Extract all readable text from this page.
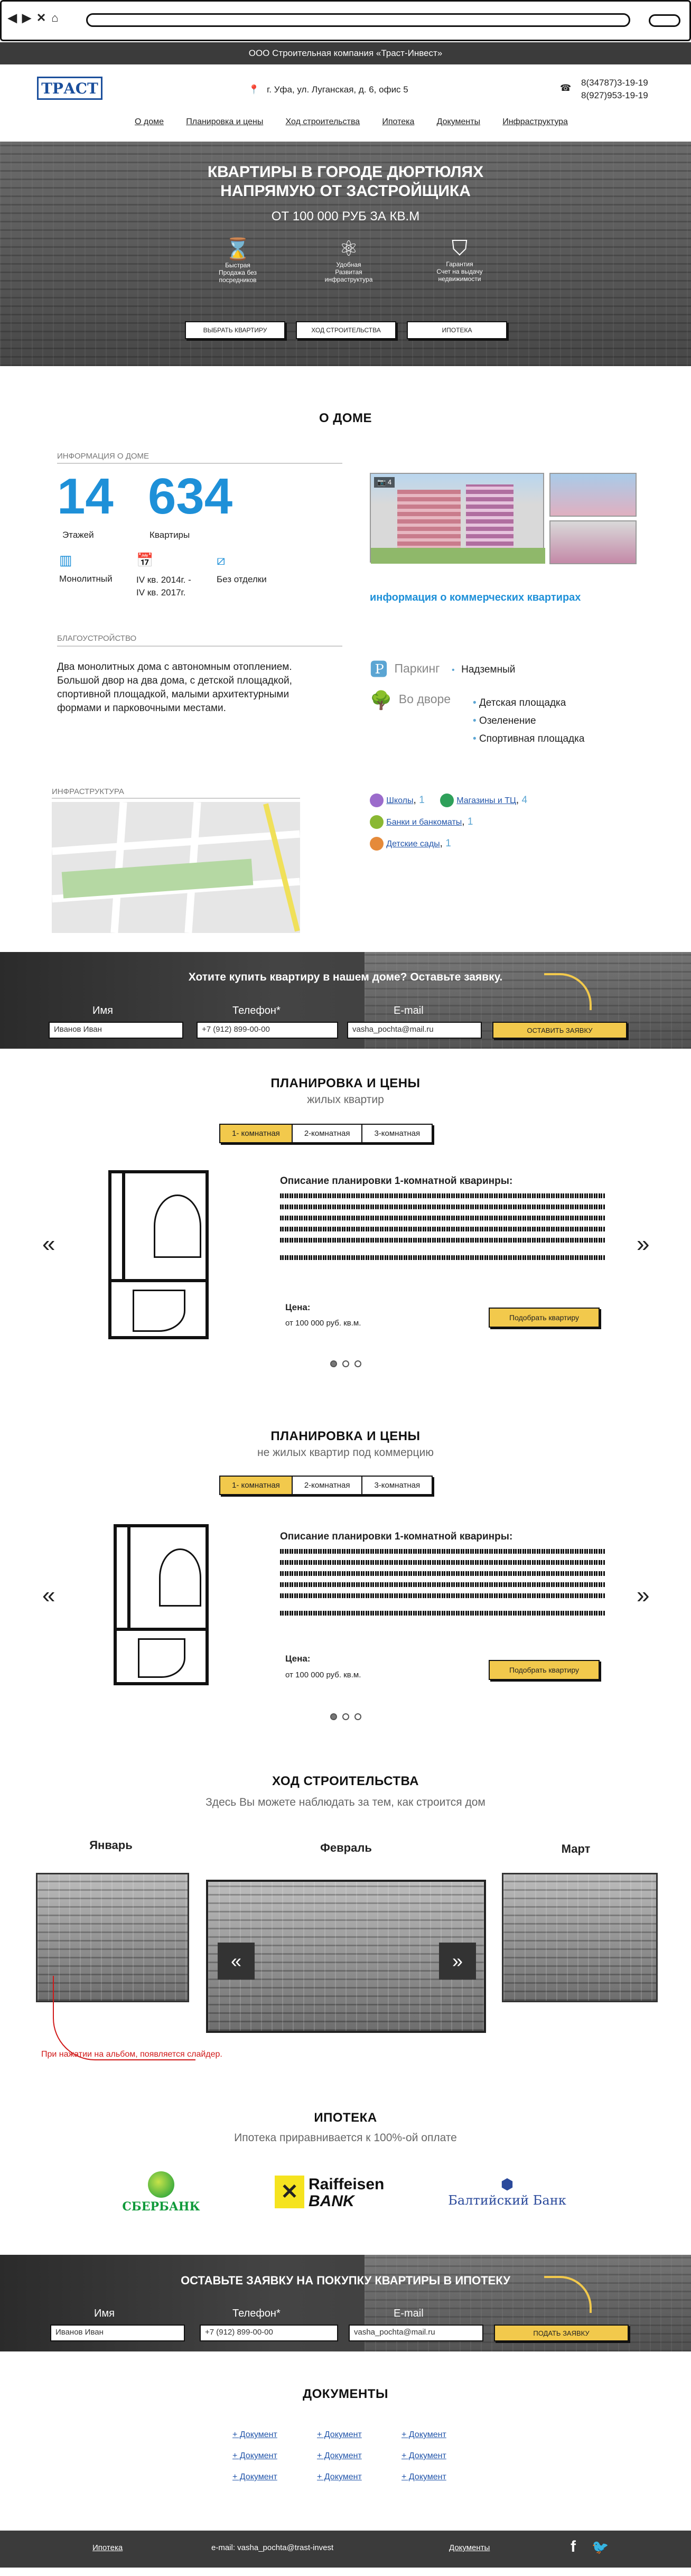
◀▶✕⌂
ООО Строительная компания «Траст-Инвест»
ТРАСТ	📍 г. Уфа, ул. Луганская, д. 6, офис 5	☎
8(34787)3-19-19
8(927)953-19-19
О доме	Планировка и цены	Ход строительства	Ипотека	Документы	Инфраструктура
КВАРТИРЫ В ГОРОДЕ ДЮРТЮЛЯХ
НАПРЯМУЮ ОТ ЗАСТРОЙЩИКА
ОТ 100 000 РУБ ЗА КВ.М
⌛
Быстрая
Продажа без посредников
⚛
Удобная
Развитая инфраструктура
⛉
Гарантия
Счет на выдачу недвижимости
ВЫБРАТЬ КВАРТИРУ	ХОД СТРОИТЕЛЬСТВА	ИПОТЕКА
О ДОМЕ
ИНФОРМАЦИЯ О ДОМЕ
14
Этажей
634
Квартиры
▥
Монолитный
📅
IV кв. 2014г. -
IV кв. 2017г.
⧄
Без отделки
📷 4
информация о коммерческих квартирах
БЛАГОУСТРОЙСТВО
Два монолитных дома с автономным отоплением. Большой двор на два дома, с детской площадкой, спортивной площадкой, малыми архитектурными формами и парковочными местами.
🅿 Паркинг • Надземный
🌳 Во дворе • Детская площадка
• Озеленение
• Спортивная площадка
ИНФРАСТРУКТУРА
Школы, 1	Магазины и ТЦ, 4
Банки и банкоматы, 1
Детские сады, 1
Хотите купить квартиру в нашем доме? Оставьте заявку.
Имя	Телефон*	E-mail
Иванов Иван	+7 (912) 899-00-00	vasha_pochta@mail.ru	ОСТАВИТЬ ЗАЯВКУ
ПЛАНИРОВКА И ЦЕНЫ
жилых квартир
1- комнатная	2-комнатная	3-комнатная
«	»
Описание планировки 1-комнатной кваринры:
Цена:
от 100 000 руб. кв.м.
Подобрать квартиру
ПЛАНИРОВКА И ЦЕНЫ
не жилых квартир под коммерцию
1- комнатная	2-комнатная	3-комнатная
«	»
Описание планировки 1-комнатной кваринры:
Цена:
от 100 000 руб. кв.м.
Подобрать квартиру
ХОД СТРОИТЕЛЬСТВА
Здесь Вы можете наблюдать за тем, как строится дом
Январь	Февраль	Март
«	»
При нажатии на альбом, появляется слайдер.
ИПОТЕКА
Ипотека приравнивается к 100%-ой оплате
СБЕРБАНК
✕ Raiffeisen
BANK
⬢
Балтийский Банк
ОСТАВЬТЕ ЗАЯВКУ НА ПОКУПКУ КВАРТИРЫ В ИПОТЕКУ
Имя	Телефон*	E-mail
Иванов Иван	+7 (912) 899-00-00	vasha_pochta@mail.ru	ПОДАТЬ ЗАЯВКУ
ДОКУМЕНТЫ
+ Документ	+ Документ	+ Документ
+ Документ	+ Документ	+ Документ
+ Документ	+ Документ	+ Документ
Ипотека	e-mail: vasha_pochta@trast-invest	Документы	f 🐦
